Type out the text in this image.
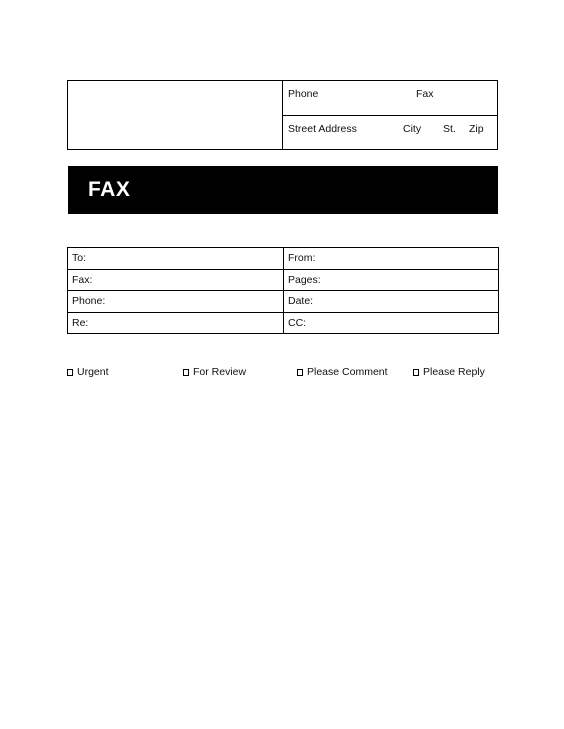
Phone	Fax
Street Address	City St. Zip
FAX
To:	From:
Fax:	Pages:
Phone:	Date:
Re:	CC:
Urgent	For Review	Please Comment	Please Reply
